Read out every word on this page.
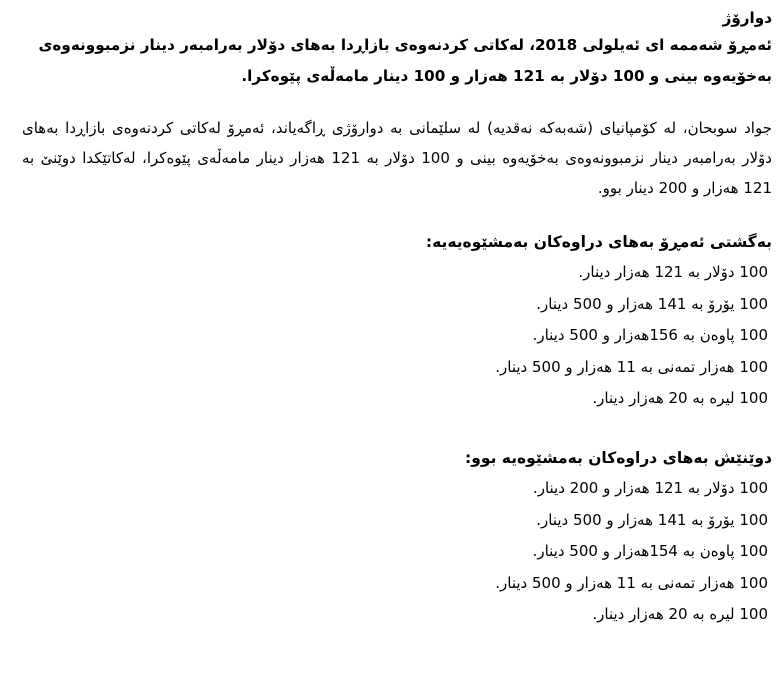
دوارۆژ

ئەمڕۆ شەممە ای ئەیلولی 2018، لەکاتی کردنەوەی بازاڕدا بەهای دۆلار بەرامبەر دینار نزمبوونەوەی بەخۆیەوە بینی و 100 دۆلار بە 121 هەزار و 100 دینار مامەڵەی پێوەکرا.

جواد سوبحان، لە کۆمپانیای (شەبەکە نەقدیە) لە سلێمانی بە دوارۆژی ڕاگەیاند، ئەمڕۆ لەکاتی کردنەوەی بازاڕدا بەهای دۆلار بەرامبەر دینار نزمبوونەوەی بەخۆیەوە بینی و 100 دۆلار بە 121 هەزار دینار مامەڵەی پێوەکرا، لەکاتێکدا دوێنێ بە 121 هەزار و 200 دینار بوو.

بەگشتی ئەمڕۆ بەهای دراوەکان بەمشێوەیەیە:
100 دۆلار بە 121 هەزار دینار.
100 یۆرۆ بە 141 هەزار و 500 دینار.
100 پاوەن بە 156هەزار و 500 دینار.
100 هەزار تمەنی بە 11 هەزار و 500 دینار.
100 لیرە بە 20 هەزار دینار.
دوێنێش بەهای دراوەکان بەمشێوەیە بوو:
100 دۆلار بە 121 هەزار و 200 دینار.
100 یۆرۆ بە 141 هەزار و 500 دینار.
100 پاوەن بە 154هەزار و 500 دینار.
100 هەزار تمەنی بە 11 هەزار و 500 دینار.
100 لیرە بە 20 هەزار دینار.
